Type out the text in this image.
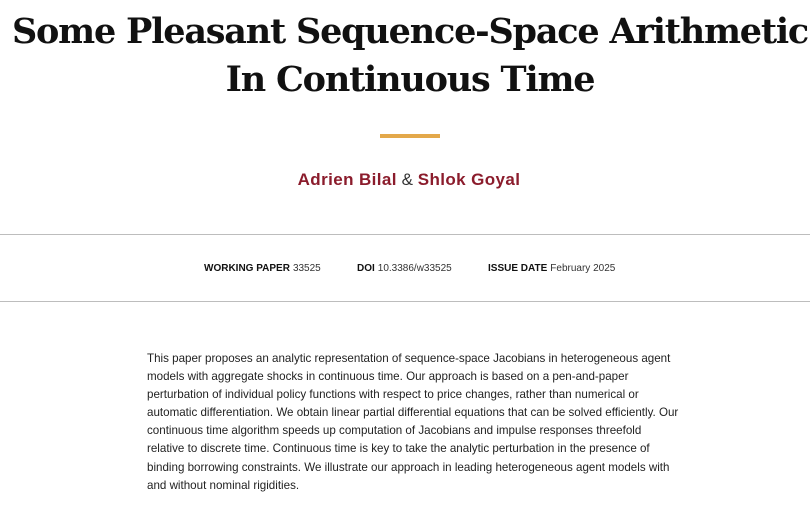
Some Pleasant Sequence-Space Arithmetic In Continuous Time
Adrien Bilal & Shlok Goyal
WORKING PAPER 33525	DOI 10.3386/w33525	ISSUE DATE February 2025

This paper proposes an analytic representation of sequence-space Jacobians in heterogeneous agent models with aggregate shocks in continuous time. Our approach is based on a pen-and-paper perturbation of individual policy functions with respect to price changes, rather than numerical or automatic differentiation. We obtain linear partial differential equations that can be solved efficiently. Our continuous time algorithm speeds up computation of Jacobians and impulse responses threefold relative to discrete time. Continuous time is key to take the analytic perturbation in the presence of binding borrowing constraints. We illustrate our approach in leading heterogeneous agent models with and without nominal rigidities.
